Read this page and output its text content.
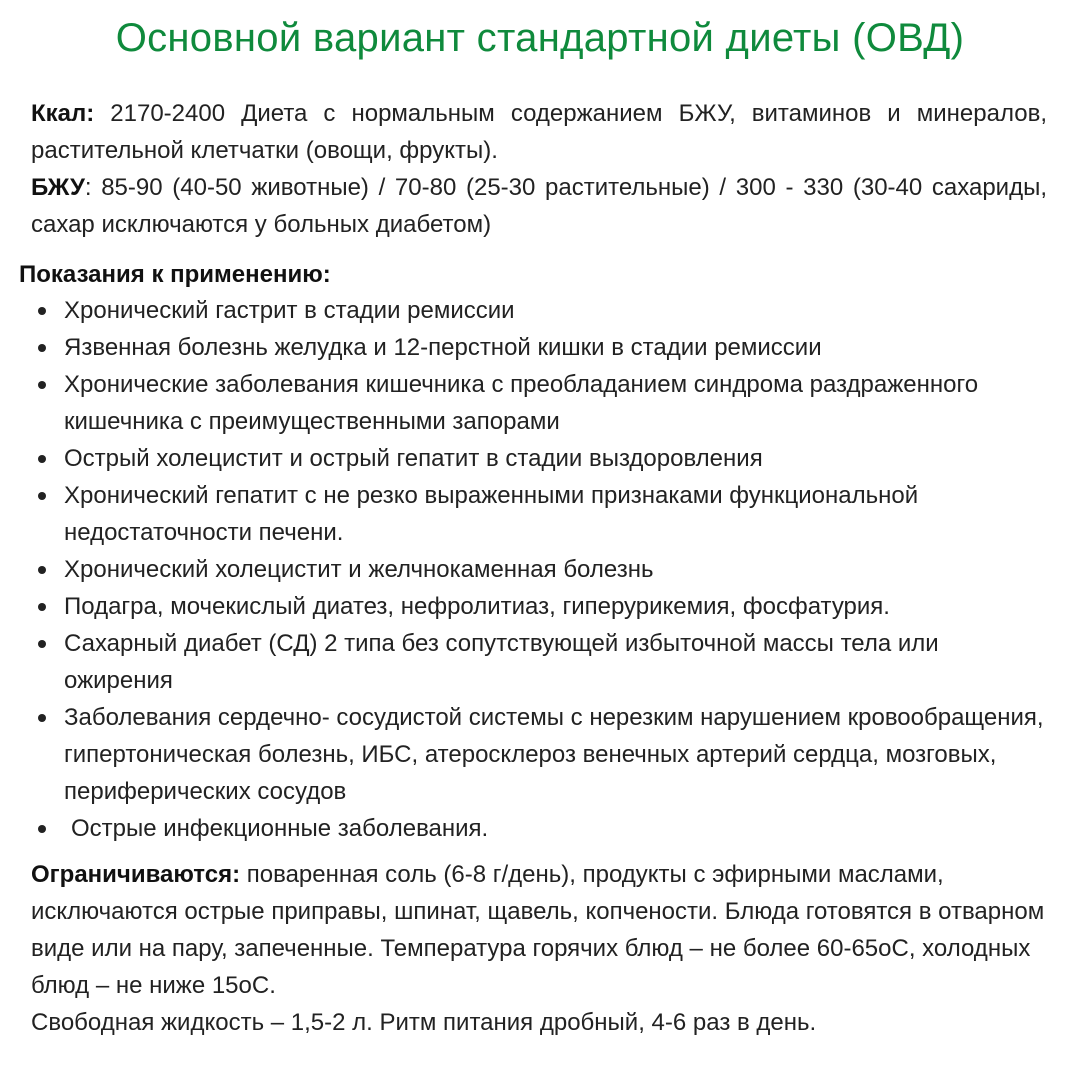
Основной вариант стандартной диеты (ОВД)

Ккал: 2170-2400 Диета с нормальным содержанием БЖУ, витаминов и минералов, растительной клетчатки (овощи, фрукты).

БЖУ: 85-90 (40-50 животные) / 70-80 (25-30 растительные) / 300 - 330 (30-40 сахариды, сахар исключаются у больных диабетом)

Показания к применению:
Хронический гастрит в стадии ремиссии
Язвенная болезнь желудка и 12-перстной кишки в стадии ремиссии
Хронические заболевания кишечника с преобладанием синдрома раздраженного кишечника с преимущественными запорами
Острый холецистит и острый гепатит в стадии выздоровления
Хронический гепатит с не резко выраженными признаками функциональной недостаточности печени.
Хронический холецистит и желчнокаменная болезнь
Подагра, мочекислый диатез, нефролитиаз, гиперурикемия, фосфатурия.
Сахарный диабет (СД) 2 типа без сопутствующей избыточной массы тела или ожирения
Заболевания сердечно- сосудистой системы с нерезким нарушением кровообращения, гипертоническая болезнь, ИБС, атеросклероз венечных артерий сердца, мозговых, периферических сосудов
Острые инфекционные заболевания.

Ограничиваются: поваренная соль (6-8 г/день), продукты с эфирными маслами, исключаются острые приправы, шпинат, щавель, копчености. Блюда готовятся в отварном виде или на пару, запеченные. Температура горячих блюд – не более 60-65оС, холодных блюд – не ниже 15оС.

Свободная жидкость – 1,5-2 л. Ритм питания дробный, 4-6 раз в день.
